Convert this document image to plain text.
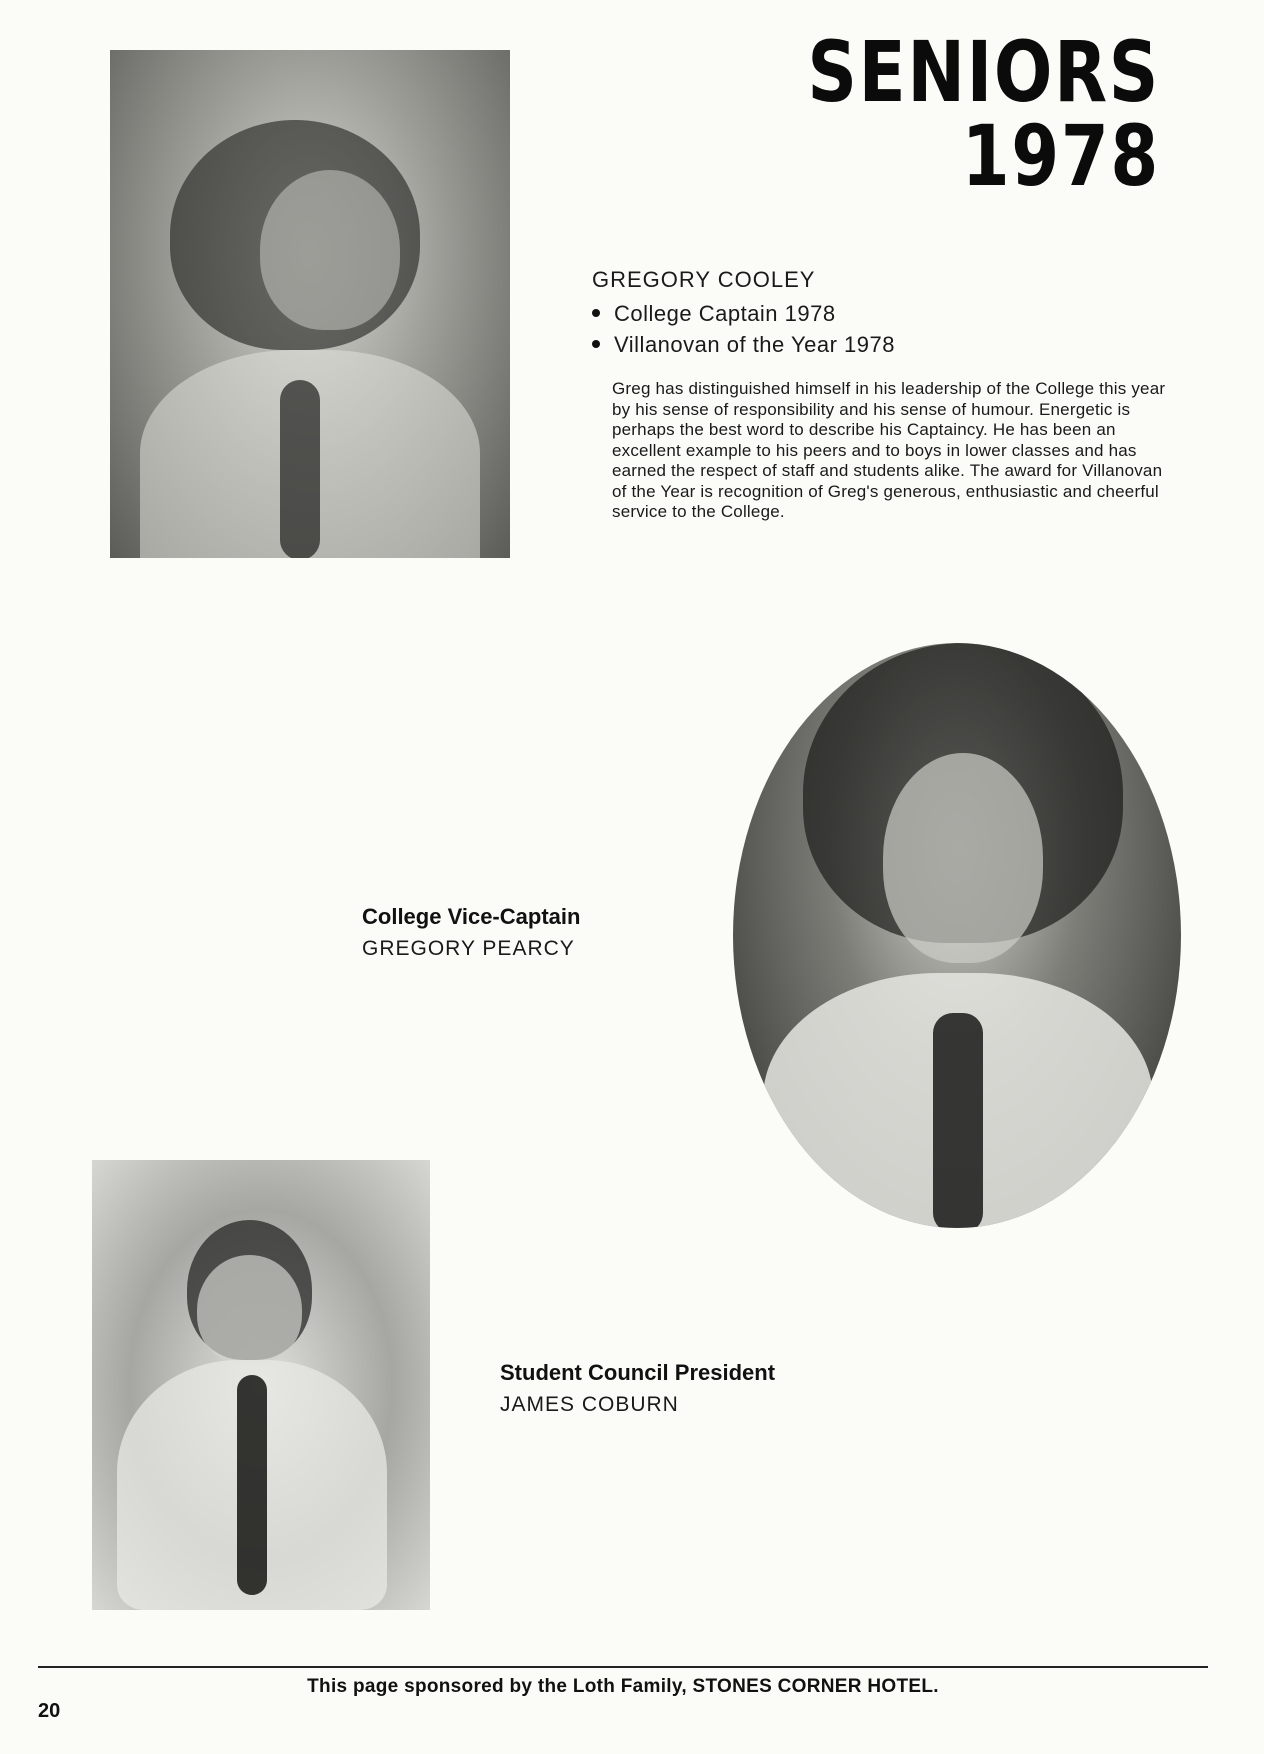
SENIORS 1978
GREGORY COOLEY
College Captain 1978
Villanovan of the Year 1978
Greg has distinguished himself in his leadership of the College this year by his sense of responsibility and his sense of humour. Energetic is perhaps the best word to describe his Captaincy. He has been an excellent example to his peers and to boys in lower classes and has earned the respect of staff and students alike. The award for Villanovan of the Year is recognition of Greg's generous, enthusiastic and cheerful service to the College.
College Vice-Captain
GREGORY PEARCY
Student Council President
JAMES COBURN
This page sponsored by the Loth Family, STONES CORNER HOTEL.
20
